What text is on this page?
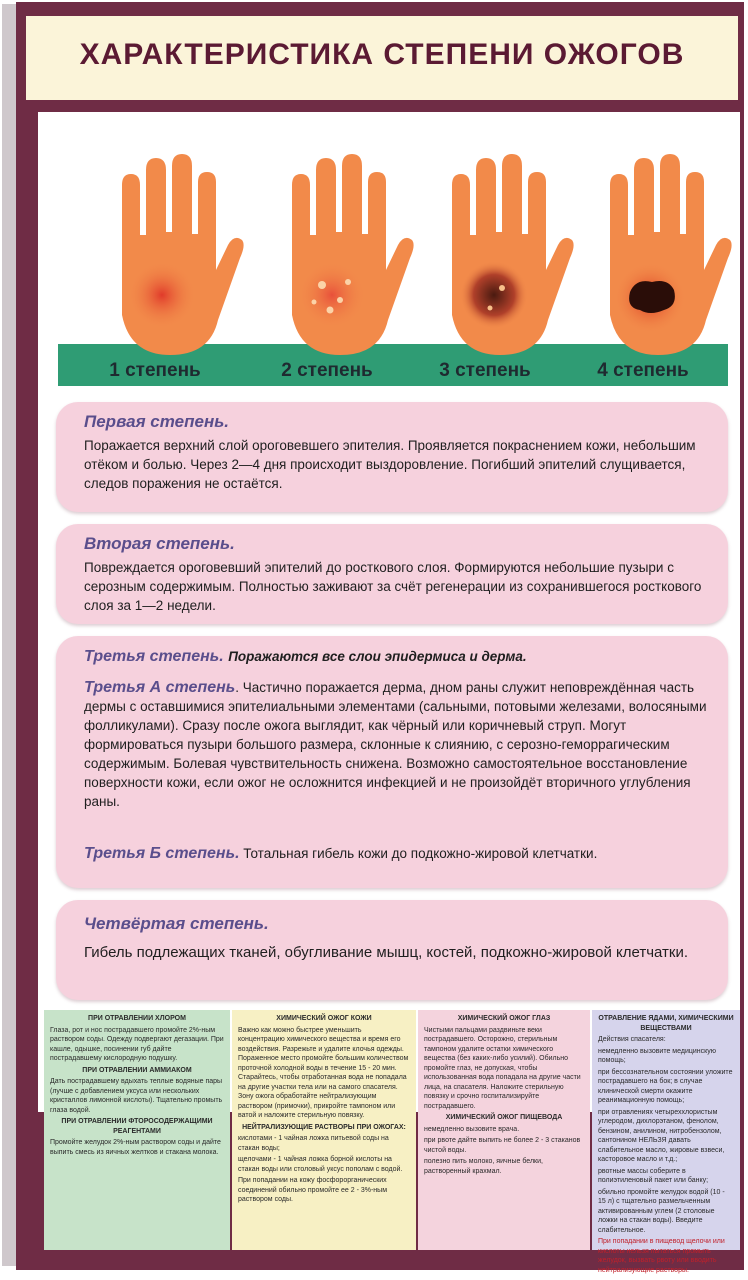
ХАРАКТЕРИСТИКА СТЕПЕНИ ОЖОГОВ
1 степень	2 степень	3 степень	4 степень
Первая степень.
Поражается верхний слой ороговевшего эпителия. Проявляется покраснением кожи, небольшим отёком и болью. Через 2—4 дня происходит выздоровление. Погибший эпителий слущивается, следов поражения не остаётся.
Вторая степень.
Повреждается ороговевший эпителий до росткового слоя. Формируются небольшие пузыри с серозным содержимым. Полностью заживают за счёт регенерации из сохранившегося росткового слоя за 1—2 недели.
Третья степень. Поражаются все слои эпидермиса и дерма.
Третья А степень. Частично поражается дерма, дном раны служит неповреждённая часть дермы с оставшимися эпителиальными элементами (сальными, потовыми железами, волосяными фолликулами). Сразу после ожога выглядит, как чёрный или коричневый струп. Могут формироваться пузыри большого размера, склонные к слиянию, с серозно-геморрагическим содержимым. Болевая чувствительность снижена. Возможно самостоятельное восстановление поверхности кожи, если ожог не осложнится инфекцией и не произойдёт вторичного углубления раны.
Третья Б степень. Тотальная гибель кожи до подкожно-жировой клетчатки.
Четвёртая степень.
Гибель подлежащих тканей, обугливание мышц, костей, подкожно-жировой клетчатки.
ПРИ ОТРАВЛЕНИИ ХЛОРОМ

Глаза, рот и нос пострадавшего промойте 2%-ным раствором соды. Одежду подвергают дегазации. При кашле, одышке, посинении губ дайте пострадавшему кислородную подушку.

ПРИ ОТРАВЛЕНИИ АММИАКОМ

Дать пострадавшему вдыхать теплые водяные пары (лучше с добавлением уксуса или нескольких кристаллов лимонной кислоты). Тщательно промыть глаза водой.

ПРИ ОТРАВЛЕНИИ ФТОРОСОДЕРЖАЩИМИ РЕАГЕНТАМИ

Промойте желудок 2%-ным раствором соды и дайте выпить смесь из яичных желтков и стакана молока.

ХИМИЧЕСКИЙ ОЖОГ КОЖИ

Важно как можно быстрее уменьшить концентрацию химического вещества и время его воздействия. Разрежьте и удалите клочья одежды. Пораженное место промойте большим количеством проточной холодной воды в течение 15 - 20 мин. Старайтесь, чтобы отработанная вода не попадала на другие участки тела или на самого спасателя. Зону ожога обработайте нейтрализующим раствором (примочки), прикройте тампоном или ватой и наложите стерильную повязку.

НЕЙТРАЛИЗУЮЩИЕ РАСТВОРЫ ПРИ ОЖОГАХ:

кислотами - 1 чайная ложка питьевой соды на стакан воды;

щелочами - 1 чайная ложка борной кислоты на стакан воды или столовый уксус пополам с водой.

При попадании на кожу фосфорорганических соединений обильно промойте ее 2 - 3%-ным раствором соды.

ХИМИЧЕСКИЙ ОЖОГ ГЛАЗ

Чистыми пальцами раздвиньте веки пострадавшего. Осторожно, стерильным тампоном удалите остатки химического вещества (без каких-либо усилий). Обильно промойте глаз, не допуская, чтобы использованная вода попадала на другие части лица, на спасателя. Наложите стерильную повязку и срочно госпитализируйте пострадавшего.

ХИМИЧЕСКИЙ ОЖОГ ПИЩЕВОДА

немедленно вызовите врача.

при рвоте дайте выпить не более 2 - 3 стаканов чистой воды.

полезно пить молоко, яичные белки, растворенный крахмал.

ОТРАВЛЕНИЕ ЯДАМИ, ХИМИЧЕСКИМИ ВЕЩЕСТВАМИ

Действия спасателя:

немедленно вызовите медицинскую помощь;

при бессознательном состоянии уложите пострадавшего на бок; в случае клинической смерти окажите реанимационную помощь;

при отравлениях четыреххлористым углеродом, дихлорэтаном, фенолом, бензином, анилином, нитробензолом, сантонином НЕЛЬЗЯ давать слабительное масло, жировые взвеси, касторовое масло и т.д.;

рвотные массы соберите в полиэтиленовый пакет или банку;

обильно промойте желудок водой (10 - 15 л) с тщательно размельченным активированным углем (2 столовые ложки на стакан воды). Введите слабительное.

При попадании в пищевод щелочи или кислоты нельзя пытаться промыть желудок, вызвать рвоту или вводить нейтрализующие растворы.
